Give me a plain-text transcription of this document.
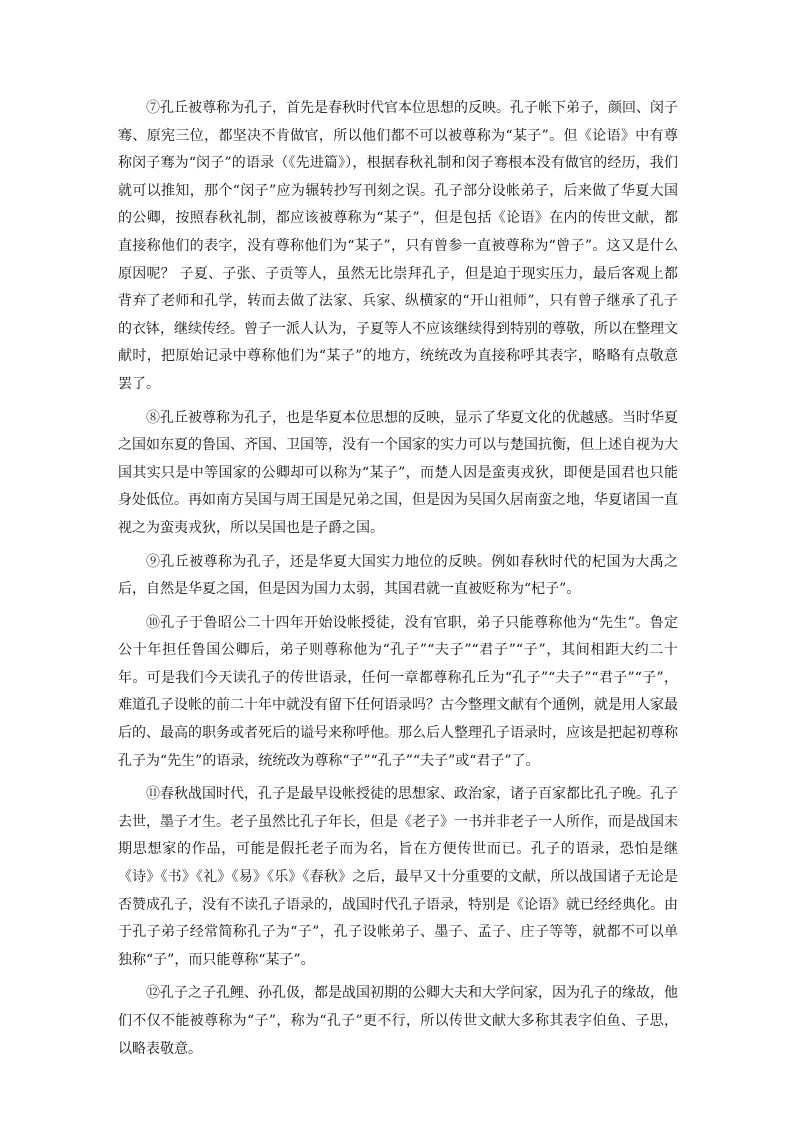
⑦孔丘被尊称为孔子，首先是春秋时代官本位思想的反映。孔子帐下弟子，颜回、闵子骞、原宪三位，都坚决不肯做官，所以他们都不可以被尊称为“某子”。但《论语》中有尊称闵子骞为“闵子”的语录（《先进篇》），根据春秋礼制和闵子骞根本没有做官的经历，我们就可以推知，那个“闵子”应为辗转抄写刊刻之误。孔子部分设帐弟子，后来做了华夏大国的公卿，按照春秋礼制，都应该被尊称为“某子”，但是包括《论语》在内的传世文献，都直接称他们的表字，没有尊称他们为“某子”，只有曾参一直被尊称为“曾子”。这又是什么原因呢？ 子夏、子张、子贡等人，虽然无比崇拜孔子，但是迫于现实压力，最后客观上都背弃了老师和孔学，转而去做了法家、兵家、纵横家的“开山祖师”，只有曾子继承了孔子的衣钵，继续传经。曾子一派人认为，子夏等人不应该继续得到特别的尊敬，所以在整理文献时，把原始记录中尊称他们为“某子”的地方，统统改为直接称呼其表字，略略有点敬意罢了。

⑧孔丘被尊称为孔子，也是华夏本位思想的反映，显示了华夏文化的优越感。当时华夏之国如东夏的鲁国、齐国、卫国等，没有一个国家的实力可以与楚国抗衡，但上述自视为大国其实只是中等国家的公卿却可以称为“某子”，而楚人因是蛮夷戎狄，即便是国君也只能身处低位。再如南方吴国与周王国是兄弟之国，但是因为吴国久居南蛮之地，华夏诸国一直视之为蛮夷戎狄，所以吴国也是子爵之国。

⑨孔丘被尊称为孔子，还是华夏大国实力地位的反映。例如春秋时代的杞国为大禹之后，自然是华夏之国，但是因为国力太弱，其国君就一直被贬称为“杞子”。

⑩孔子于鲁昭公二十四年开始设帐授徒，没有官职，弟子只能尊称他为“先生”。鲁定公十年担任鲁国公卿后，弟子则尊称他为“孔子”“夫子”“君子”“子”，其间相距大约二十年。可是我们今天读孔子的传世语录，任何一章都尊称孔丘为“孔子”“夫子”“君子”“子”，难道孔子设帐的前二十年中就没有留下任何语录吗？古今整理文献有个通例，就是用人家最后的、最高的职务或者死后的谥号来称呼他。那么后人整理孔子语录时，应该是把起初尊称孔子为“先生”的语录，统统改为尊称“子”“孔子”“夫子”或“君子”了。

⑪春秋战国时代，孔子是最早设帐授徒的思想家、政治家，诸子百家都比孔子晚。孔子去世，墨子才生。老子虽然比孔子年长，但是《老子》一书并非老子一人所作，而是战国末期思想家的作品，可能是假托老子而为名，旨在方便传世而已。孔子的语录，恐怕是继《诗》《书》《礼》《易》《乐》《春秋》之后，最早又十分重要的文献，所以战国诸子无论是否赞成孔子，没有不读孔子语录的，战国时代孔子语录，特别是《论语》就已经经典化。由于孔子弟子经常简称孔子为“子”，孔子设帐弟子、墨子、孟子、庄子等等，就都不可以单独称“子”，而只能尊称“某子”。

⑫孔子之子孔鲤、孙孔伋，都是战国初期的公卿大夫和大学问家，因为孔子的缘故，他们不仅不能被尊称为“子”，称为“孔子”更不行，所以传世文献大多称其表字伯鱼、子思，以略表敬意。
